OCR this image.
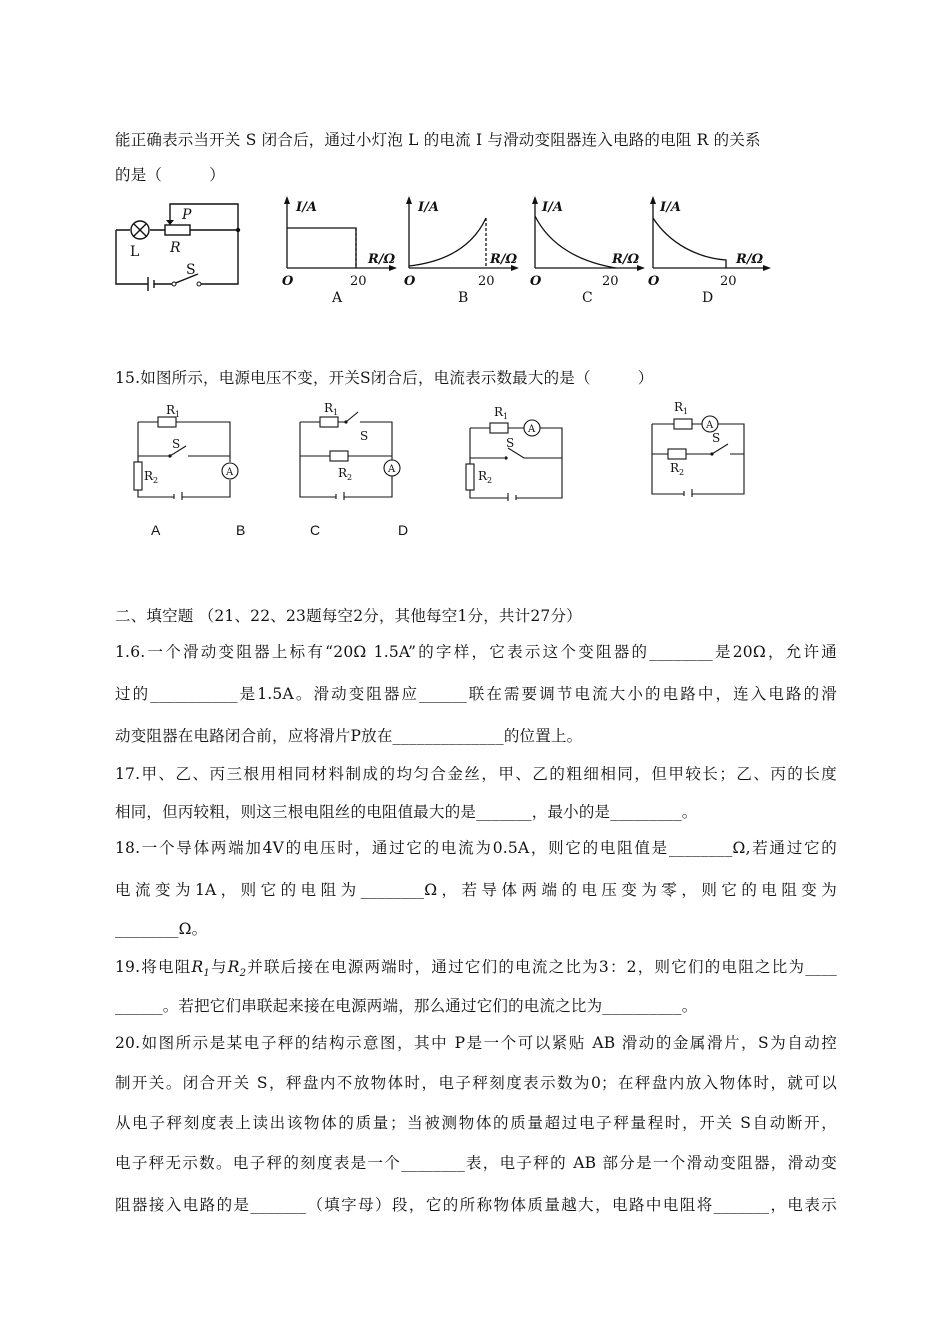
能正确表示当开关 S 闭合后，通过小灯泡 L 的电流 I 与滑动变阻器连入电路的电阻 R 的关系
的是（　　　）
L
P
R
S
I/A
R/Ω
O	20
A
I/A
R/Ω
O	20
B
I/A
R/Ω
O	20
C
I/A
R/Ω
O	20
D
15.如图所示，电源电压不变，开关S闭合后，电流表示数最大的是（　　　）
$R_1$
S
$R_2$
A
$R_1$
S
$R_2$
A
$R_1$
S
$R_2$
A
$R_1$
S
$R_2$
A
A	B	C	D
二、填空题 （21、22、23题每空2分，其他每空1分，共计27分）
1.6.一个滑动变阻器上标有“20Ω 1.5A”的字样，它表示这个变阻器的________是20Ω，允许通
过的___________是1.5A。滑动变阻器应______联在需要调节电流大小的电路中，连入电路的滑
动变阻器在电路闭合前，应将滑片P放在______________的位置上。
17.甲、乙、丙三根用相同材料制成的均匀合金丝，甲、乙的粗细相同，但甲较长；乙、丙的长度
相同，但丙较粗，则这三根电阻丝的电阻值最大的是_______，最小的是_________。
18.一个导体两端加4V的电压时，通过它的电流为0.5A，则它的电阻值是________Ω,若通过它的
电流变为1A，则它的电阻为________Ω，若导体两端的电压变为零，则它的电阻变为
________Ω。
19.将电阻$R_1$与$R_2$并联后接在电源两端时，通过它们的电流之比为3：2，则它们的电阻之比为____
______。若把它们串联起来接在电源两端，那么通过它们的电流之比为__________。
20.如图所示是某电子秤的结构示意图，其中 P是一个可以紧贴 AB 滑动的金属滑片，S为自动控
制开关。闭合开关 S，秤盘内不放物体时，电子秤刻度表示数为0；在秤盘内放入物体时，就可以
从电子秤刻度表上读出该物体的质量；当被测物体的质量超过电子秤量程时，开关 S自动断开，
电子秤无示数。电子秤的刻度表是一个________表，电子秤的 AB 部分是一个滑动变阻器，滑动变
阻器接入电路的是_______（填字母）段，它的所称物体质量越大，电路中电阻将_______，电表示
